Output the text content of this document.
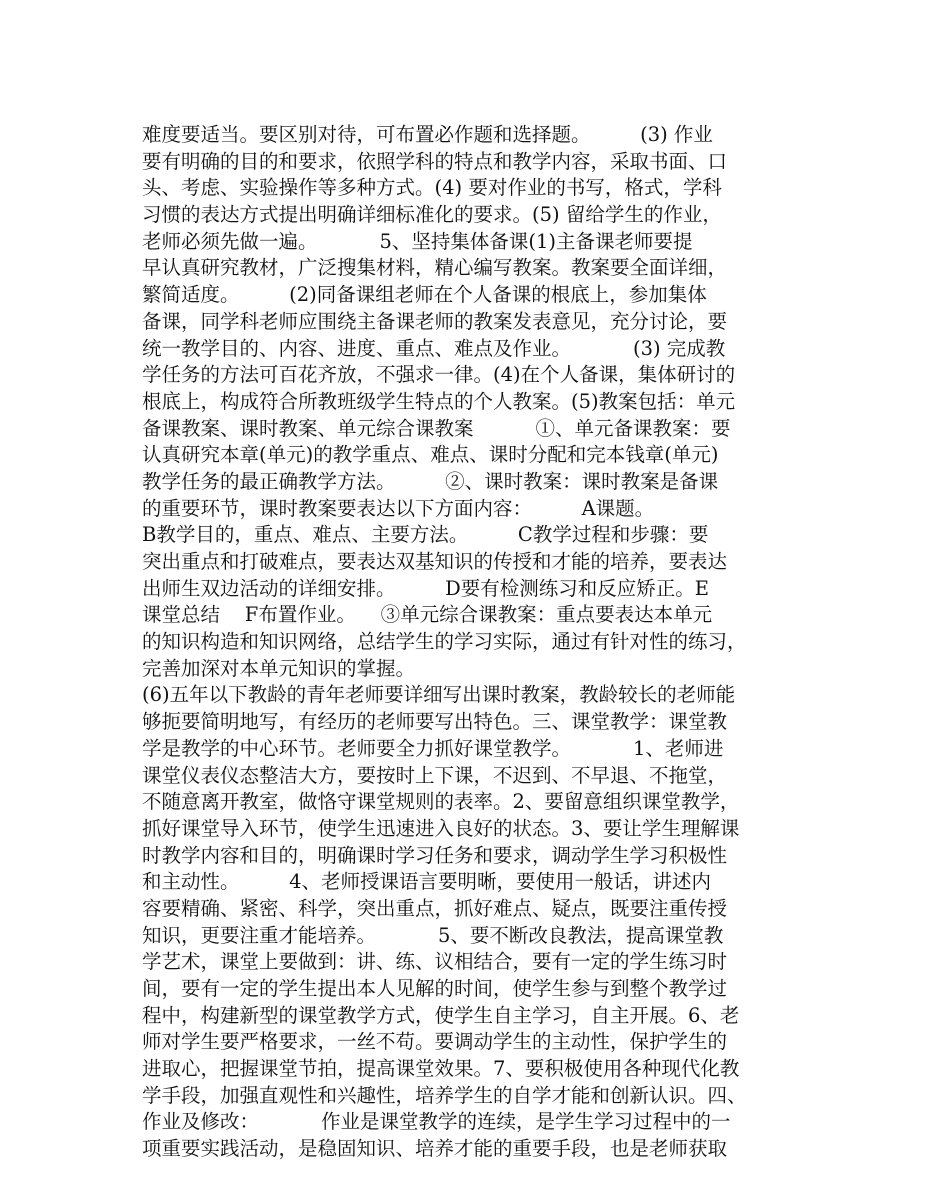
难度要适当。要区别对待，可布置必作题和选择题。        (3) 作业
要有明确的目的和要求，依照学科的特点和教学内容，采取书面、口
头、考虑、实验操作等多种方式。(4) 要对作业的书写，格式，学科
习惯的表达方式提出明确详细标准化的要求。(5) 留给学生的作业，
老师必须先做一遍。          5、坚持集体备课(1)主备课老师要提
早认真研究教材，广泛搜集材料，精心编写教案。教案要全面详细，
繁简适度。        (2)同备课组老师在个人备课的根底上，参加集体
备课，同学科老师应围绕主备课老师的教案发表意见，充分讨论，要
统一教学目的、内容、进度、重点、难点及作业。          (3) 完成教
学任务的方法可百花齐放，不强求一律。(4)在个人备课，集体研讨的
根底上，构成符合所教班级学生特点的个人教案。(5)教案包括：单元
备课教案、课时教案、单元综合课教案          ①、单元备课教案：要
认真研究本章(单元)的教学重点、难点、课时分配和完本钱章(单元)
教学任务的最正确教学方法。        ②、课时教案：课时教案是备课
的重要环节，课时教案要表达以下方面内容：        A课题。
B教学目的，重点、难点、主要方法。        C教学过程和步骤：要
突出重点和打破难点，要表达双基知识的传授和才能的培养，要表达
出师生双边活动的详细安排。        D要有检测练习和反应矫正。E
课堂总结    F布置作业。    ③单元综合课教案：重点要表达本单元
的知识构造和知识网络，总结学生的学习实际，通过有针对性的练习，
完善加深对本单元知识的掌握。
(6)五年以下教龄的青年老师要详细写出课时教案，教龄较长的老师能
够扼要简明地写，有经历的老师要写出特色。三、课堂教学：课堂教
学是教学的中心环节。老师要全力抓好课堂教学。          1、老师进
课堂仪表仪态整洁大方，要按时上下课，不迟到、不早退、不拖堂，
不随意离开教室，做恪守课堂规则的表率。2、要留意组织课堂教学，
抓好课堂导入环节，使学生迅速进入良好的状态。3、要让学生理解课
时教学内容和目的，明确课时学习任务和要求，调动学生学习积极性
和主动性。        4、老师授课语言要明晰，要使用一般话，讲述内
容要精确、紧密、科学，突出重点，抓好难点、疑点，既要注重传授
知识，更要注重才能培养。          5、要不断改良教法，提高课堂教
学艺术，课堂上要做到：讲、练、议相结合，要有一定的学生练习时
间，要有一定的学生提出本人见解的时间，使学生参与到整个教学过
程中，构建新型的课堂教学方式，使学生自主学习，自主开展。6、老
师对学生要严格要求，一丝不苟。要调动学生的主动性，保护学生的
进取心，把握课堂节拍，提高课堂效果。7、要积极使用各种现代化教
学手段，加强直观性和兴趣性，培养学生的自学才能和创新认识。四、
作业及修改：          作业是课堂教学的连续，是学生学习过程中的一
项重要实践活动，是稳固知识、培养才能的重要手段，也是老师获取
